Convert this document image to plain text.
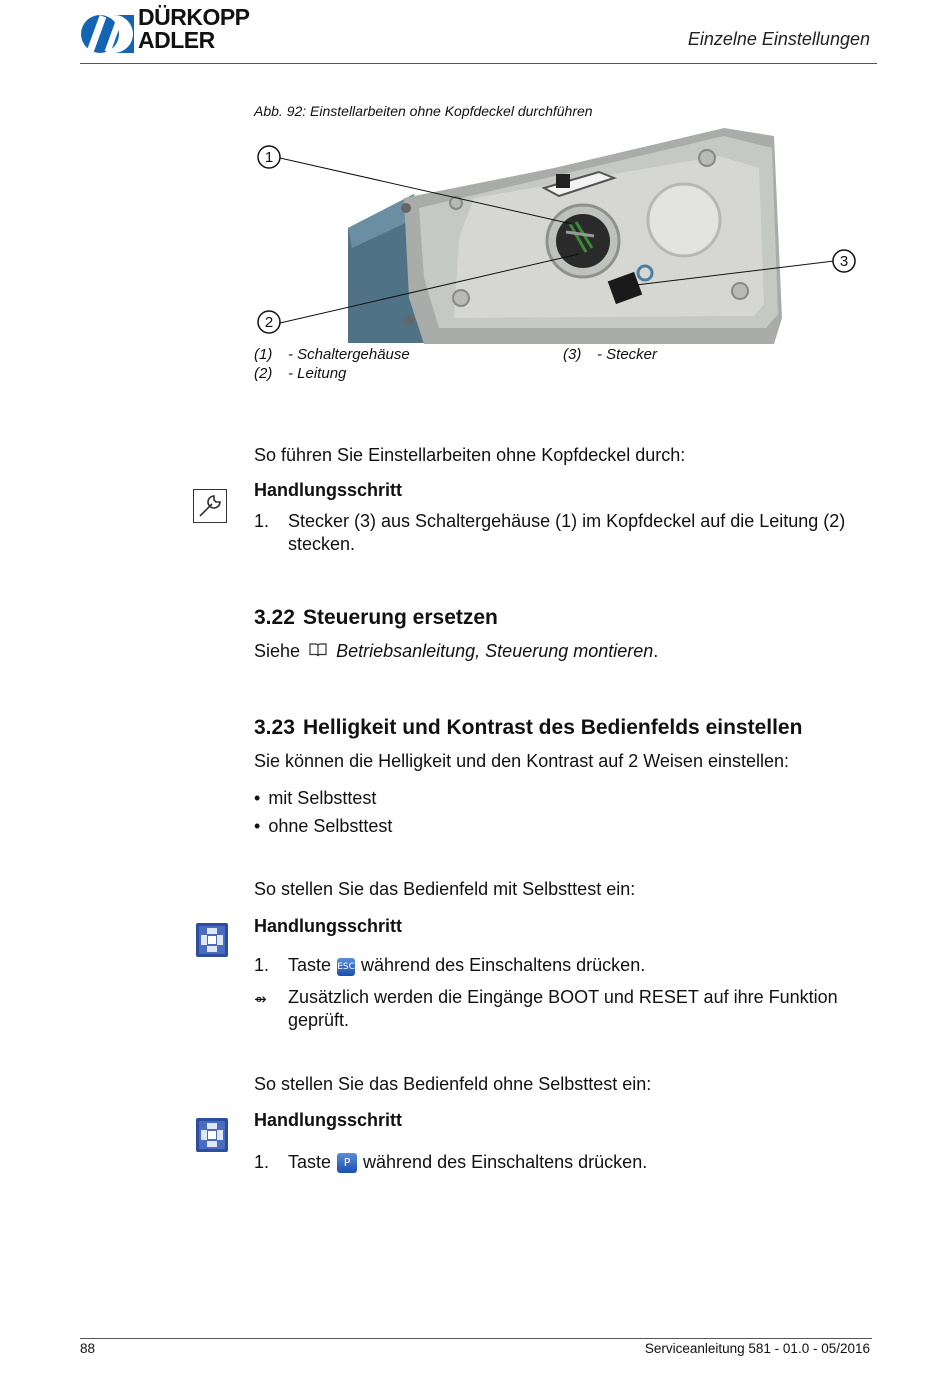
DÜRKOPP
ADLER	Einzelne Einstellungen
Abb. 92: Einstellarbeiten ohne Kopfdeckel durchführen
1
2
3
(1) - Schaltergehäuse
(2) - Leitung
(3) - Stecker
So führen Sie Einstellarbeiten ohne Kopfdeckel durch:
Handlungsschritt
1. Stecker (3) aus Schaltergehäuse (1) im Kopfdeckel auf die Leitung (2) stecken.
3.22 Steuerung ersetzen
Siehe Betriebsanleitung, Steuerung montieren.
3.23 Helligkeit und Kontrast des Bedienfelds einstellen
Sie können die Helligkeit und den Kontrast auf 2 Weisen einstellen:
• mit Selbsttest
• ohne Selbsttest
So stellen Sie das Bedienfeld mit Selbsttest ein:
Handlungsschritt
1. Taste ESC während des Einschaltens drücken.
⇴ Zusätzlich werden die Eingänge BOOT und RESET auf ihre Funktion geprüft.
So stellen Sie das Bedienfeld ohne Selbsttest ein:
Handlungsschritt
1. Taste P während des Einschaltens drücken.
88	Serviceanleitung 581 - 01.0 - 05/2016
